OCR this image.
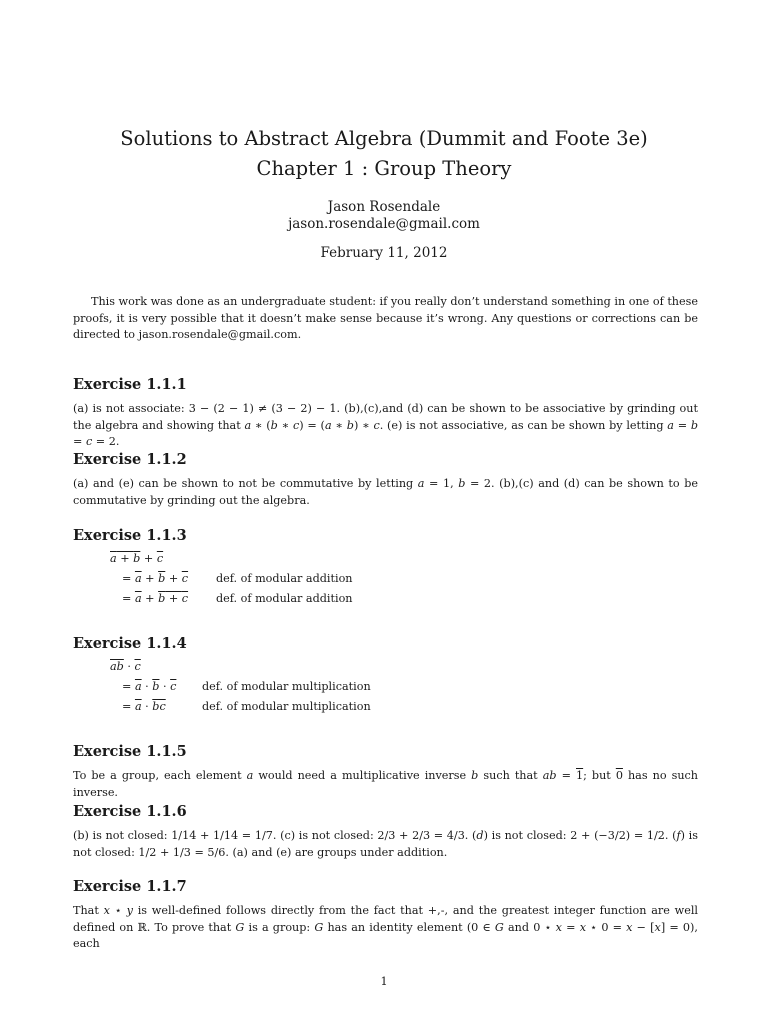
Solutions to Abstract Algebra (Dummit and Foote 3e)
Chapter 1 : Group Theory
Jason Rosendale
jason.rosendale@gmail.com
February 11, 2012
This work was done as an undergraduate student: if you really don’t understand something in one of these proofs, it is very possible that it doesn’t make sense because it’s wrong. Any questions or corrections can be directed to jason.rosendale@gmail.com.
Exercise 1.1.1
(a) is not associate: 3 − (2 − 1) ≠ (3 − 2) − 1. (b),(c),and (d) can be shown to be associative by grinding out the algebra and showing that a ∗ (b ∗ c) = (a ∗ b) ∗ c. (e) is not associative, as can be shown by letting a = b = c = 2.
Exercise 1.1.2
(a) and (e) can be shown to not be commutative by letting a = 1, b = 2. (b),(c) and (d) can be shown to be commutative by grinding out the algebra.
Exercise 1.1.3
$a + b + \overline{c}$
= $\overline{a} + \overline{b} + \overline{c}$ def. of modular addition
= $\overline{a} + b + c$ def. of modular addition
Exercise 1.1.4
$\overline{ab} \cdot \overline{c}$
= $\overline{a} \cdot \overline{b} \cdot \overline{c}$ def. of modular multiplication
= $\overline{a} \cdot \overline{bc}$	def. of modular multiplication
Exercise 1.1.5
To be a group, each element a would need a multiplicative inverse b such that ab = 1; but 0 has no such inverse.
Exercise 1.1.6
(b) is not closed: 1/14 + 1/14 = 1/7. (c) is not closed: 2/3 + 2/3 = 4/3. (d) is not closed: 2 + (−3/2) = 1/2. (f) is not closed: 1/2 + 1/3 = 5/6. (a) and (e) are groups under addition.
Exercise 1.1.7
That x ⋆ y is well-defined follows directly from the fact that +,-, and the greatest integer function are well defined on ℝ. To prove that G is a group: G has an identity element (0 ∈ G and 0 ⋆ x = x ⋆ 0 = x − [x] = 0), each
1
